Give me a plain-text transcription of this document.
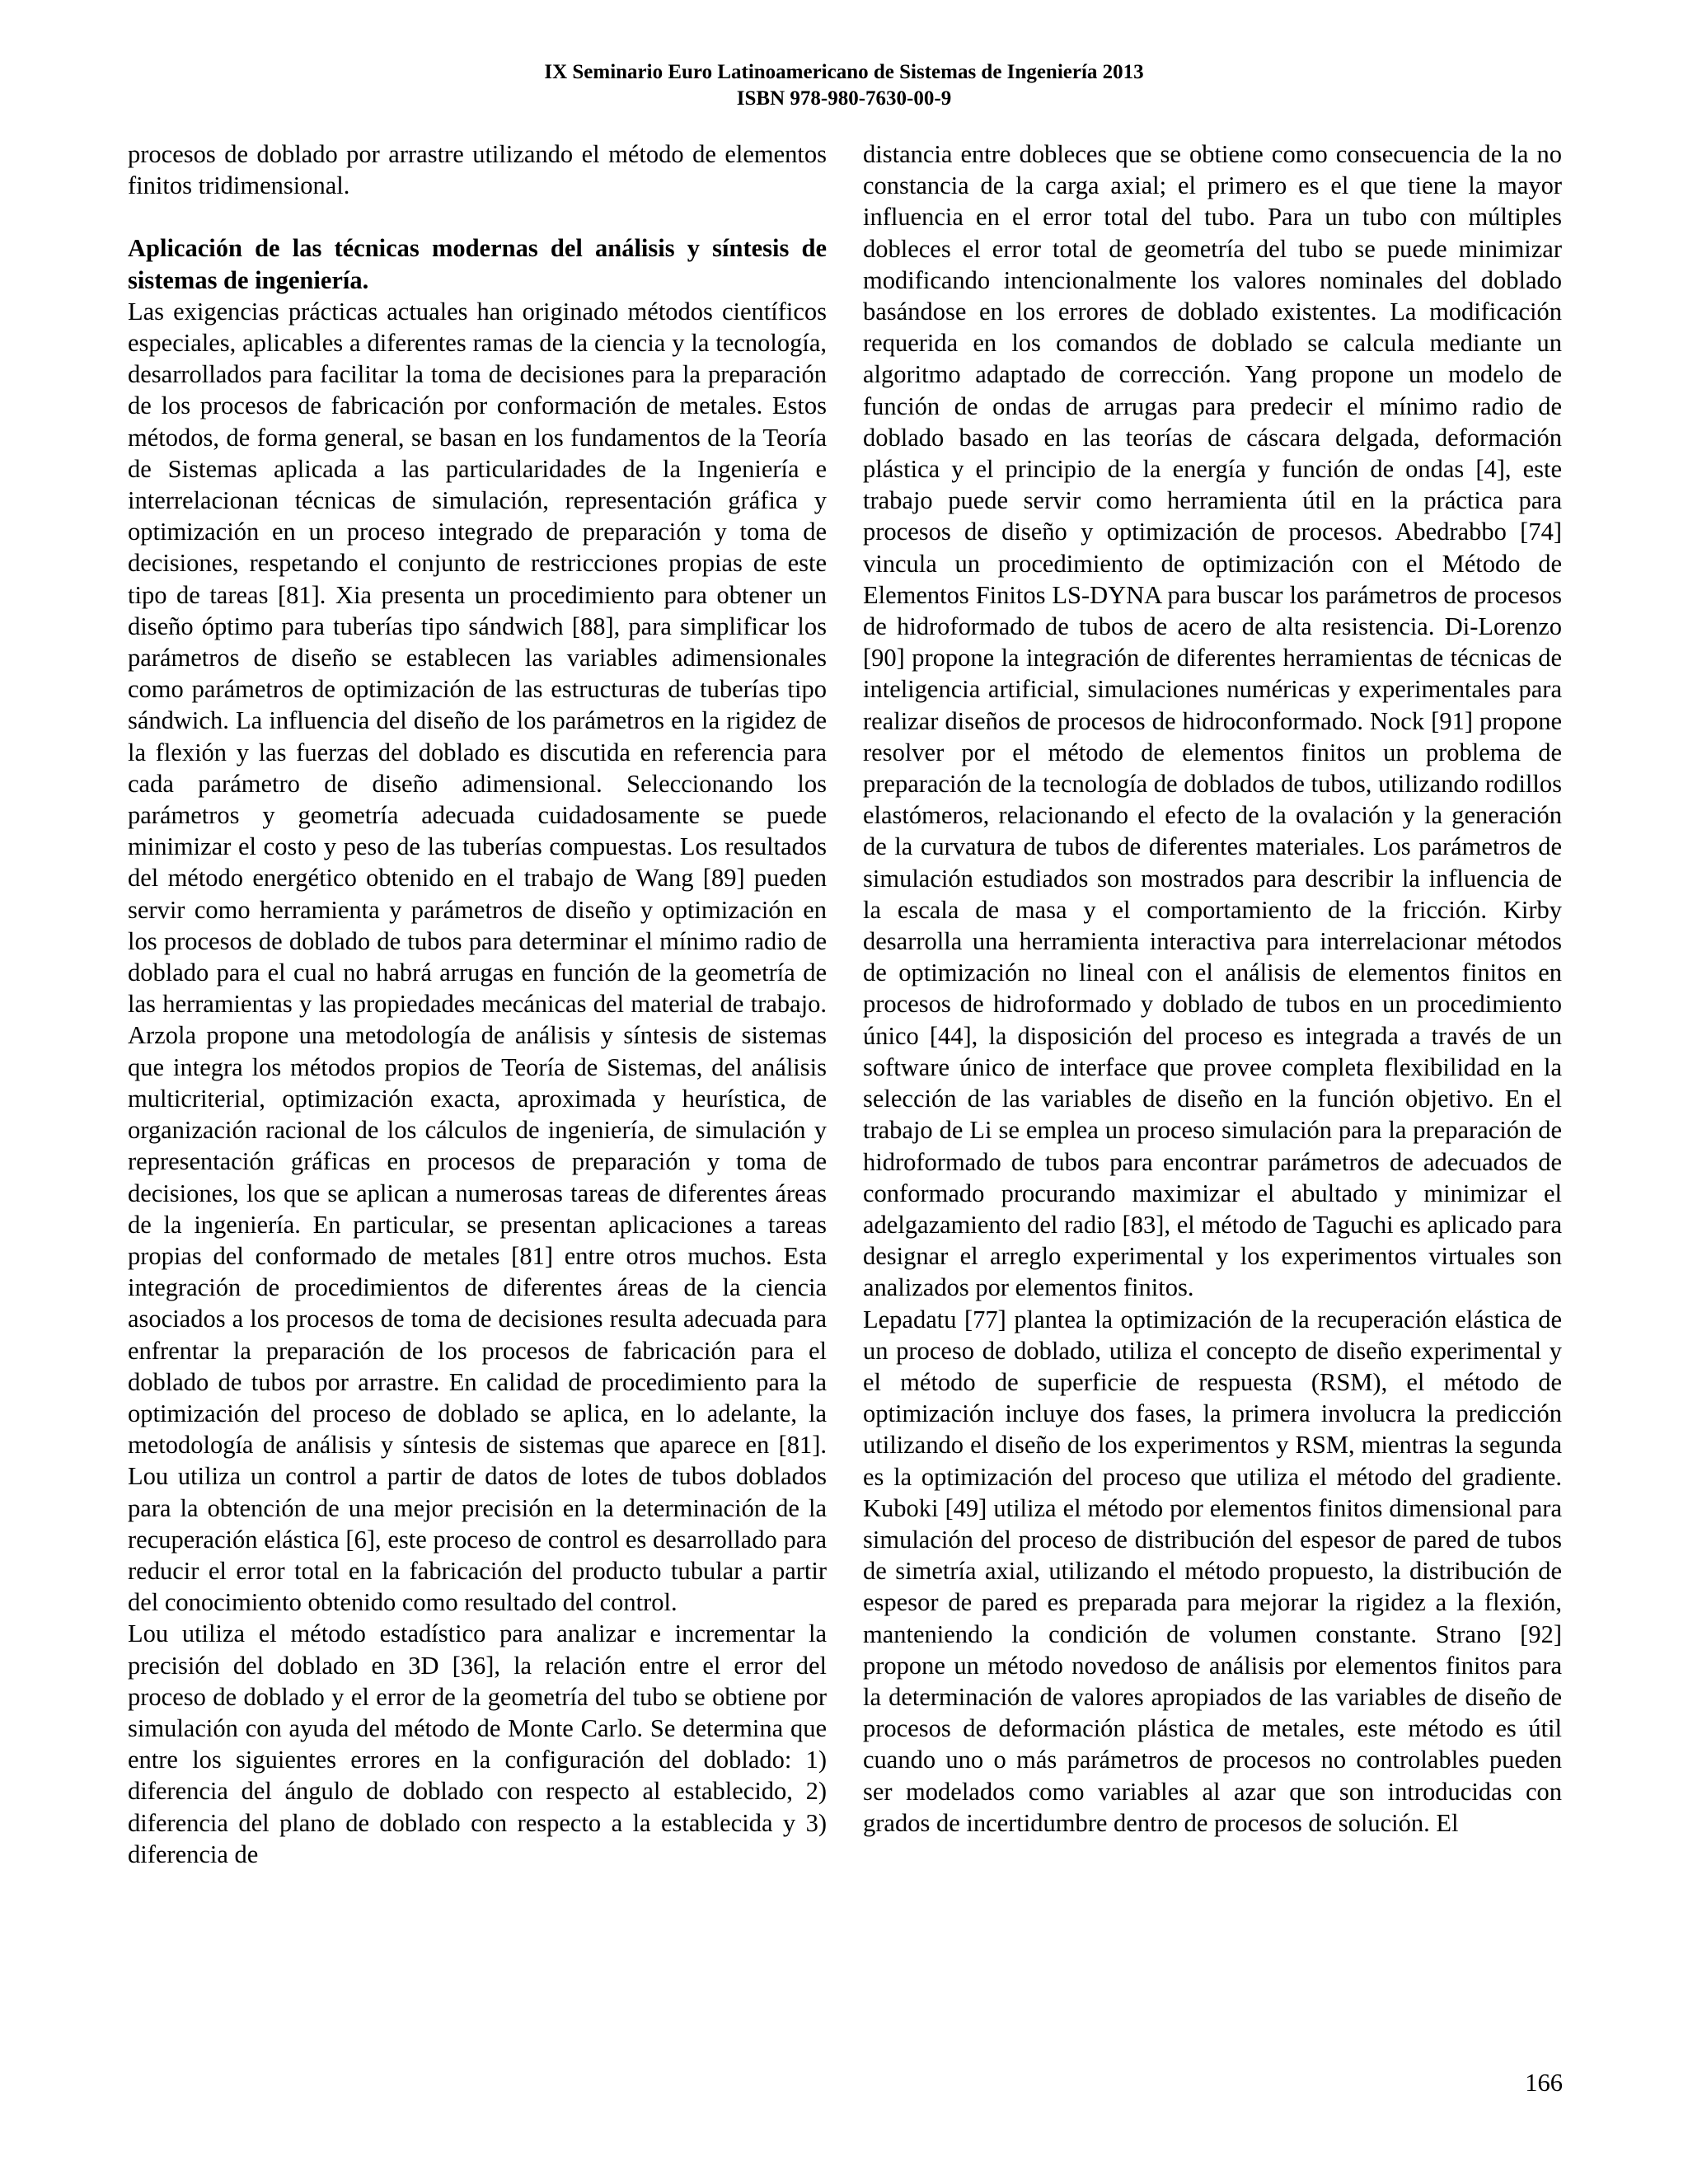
IX Seminario Euro Latinoamericano de Sistemas de Ingeniería 2013

ISBN 978-980-7630-00-9

procesos de doblado por arrastre utilizando el método de elementos finitos tridimensional.

Aplicación de las técnicas modernas del análisis y síntesis de sistemas de ingeniería.

Las exigencias prácticas actuales han originado métodos científicos especiales, aplicables a diferentes ramas de la ciencia y la tecnología, desarrollados para facilitar la toma de decisiones para la preparación de los procesos de fabricación por conformación de metales. Estos métodos, de forma general, se basan en los fundamentos de la Teoría de Sistemas aplicada a las particularidades de la Ingeniería e interrelacionan técnicas de simulación, representación gráfica y optimización en un proceso integrado de preparación y toma de decisiones, respetando el conjunto de restricciones propias de este tipo de tareas [81]. Xia presenta un procedimiento para obtener un diseño óptimo para tuberías tipo sándwich [88], para simplificar los parámetros de diseño se establecen las variables adimensionales como parámetros de optimización de las estructuras de tuberías tipo sándwich. La influencia del diseño de los parámetros en la rigidez de la flexión y las fuerzas del doblado es discutida en referencia para cada parámetro de diseño adimensional. Seleccionando los parámetros y geometría adecuada cuidadosamente se puede minimizar el costo y peso de las tuberías compuestas. Los resultados del método energético obtenido en el trabajo de Wang [89] pueden servir como herramienta y parámetros de diseño y optimización en los procesos de doblado de tubos para determinar el mínimo radio de doblado para el cual no habrá arrugas en función de la geometría de las herramientas y las propiedades mecánicas del material de trabajo. Arzola propone una metodología de análisis y síntesis de sistemas que integra los métodos propios de Teoría de Sistemas, del análisis multicriterial, optimización exacta, aproximada y heurística, de organización racional de los cálculos de ingeniería, de simulación y representación gráficas en procesos de preparación y toma de decisiones, los que se aplican a numerosas tareas de diferentes áreas de la ingeniería. En particular, se presentan aplicaciones a tareas propias del conformado de metales [81] entre otros muchos. Esta integración de procedimientos de diferentes áreas de la ciencia asociados a los procesos de toma de decisiones resulta adecuada para enfrentar la preparación de los procesos de fabricación para el doblado de tubos por arrastre. En calidad de procedimiento para la optimización del proceso de doblado se aplica, en lo adelante, la metodología de análisis y síntesis de sistemas que aparece en [81]. Lou utiliza un control a partir de datos de lotes de tubos doblados para la obtención de una mejor precisión en la determinación de la recuperación elástica [6], este proceso de control es desarrollado para reducir el error total en la fabricación del producto tubular a partir del conocimiento obtenido como resultado del control.

Lou utiliza el método estadístico para analizar e incrementar la precisión del doblado en 3D [36], la relación entre el error del proceso de doblado y el error de la geometría del tubo se obtiene por simulación con ayuda del método de Monte Carlo. Se determina que entre los siguientes errores en la configuración del doblado: 1) diferencia del ángulo de doblado con respecto al establecido, 2) diferencia del plano de doblado con respecto a la establecida y 3) diferencia de

distancia entre dobleces que se obtiene como consecuencia de la no constancia de la carga axial; el primero es el que tiene la mayor influencia en el error total del tubo. Para un tubo con múltiples dobleces el error total de geometría del tubo se puede minimizar modificando intencionalmente los valores nominales del doblado basándose en los errores de doblado existentes. La modificación requerida en los comandos de doblado se calcula mediante un algoritmo adaptado de corrección. Yang propone un modelo de función de ondas de arrugas para predecir el mínimo radio de doblado basado en las teorías de cáscara delgada, deformación plástica y el principio de la energía y función de ondas [4], este trabajo puede servir como herramienta útil en la práctica para procesos de diseño y optimización de procesos. Abedrabbo [74] vincula un procedimiento de optimización con el Método de Elementos Finitos LS-DYNA para buscar los parámetros de procesos de hidroformado de tubos de acero de alta resistencia. Di-Lorenzo [90] propone la integración de diferentes herramientas de técnicas de inteligencia artificial, simulaciones numéricas y experimentales para realizar diseños de procesos de hidroconformado. Nock [91] propone resolver por el método de elementos finitos un problema de preparación de la tecnología de doblados de tubos, utilizando rodillos elastómeros, relacionando el efecto de la ovalación y la generación de la curvatura de tubos de diferentes materiales. Los parámetros de simulación estudiados son mostrados para describir la influencia de la escala de masa y el comportamiento de la fricción. Kirby desarrolla una herramienta interactiva para interrelacionar métodos de optimización no lineal con el análisis de elementos finitos en procesos de hidroformado y doblado de tubos en un procedimiento único [44], la disposición del proceso es integrada a través de un software único de interface que provee completa flexibilidad en la selección de las variables de diseño en la función objetivo. En el trabajo de Li se emplea un proceso simulación para la preparación de hidroformado de tubos para encontrar parámetros de adecuados de conformado procurando maximizar el abultado y minimizar el adelgazamiento del radio [83], el método de Taguchi es aplicado para designar el arreglo experimental y los experimentos virtuales son analizados por elementos finitos.

Lepadatu [77] plantea la optimización de la recuperación elástica de un proceso de doblado, utiliza el concepto de diseño experimental y el método de superficie de respuesta (RSM), el método de optimización incluye dos fases, la primera involucra la predicción utilizando el diseño de los experimentos y RSM, mientras la segunda es la optimización del proceso que utiliza el método del gradiente. Kuboki [49] utiliza el método por elementos finitos dimensional para simulación del proceso de distribución del espesor de pared de tubos de simetría axial, utilizando el método propuesto, la distribución de espesor de pared es preparada para mejorar la rigidez a la flexión, manteniendo la condición de volumen constante. Strano [92] propone un método novedoso de análisis por elementos finitos para la determinación de valores apropiados de las variables de diseño de procesos de deformación plástica de metales, este método es útil cuando uno o más parámetros de procesos no controlables pueden ser modelados como variables al azar que son introducidas con grados de incertidumbre dentro de procesos de solución. El

166
